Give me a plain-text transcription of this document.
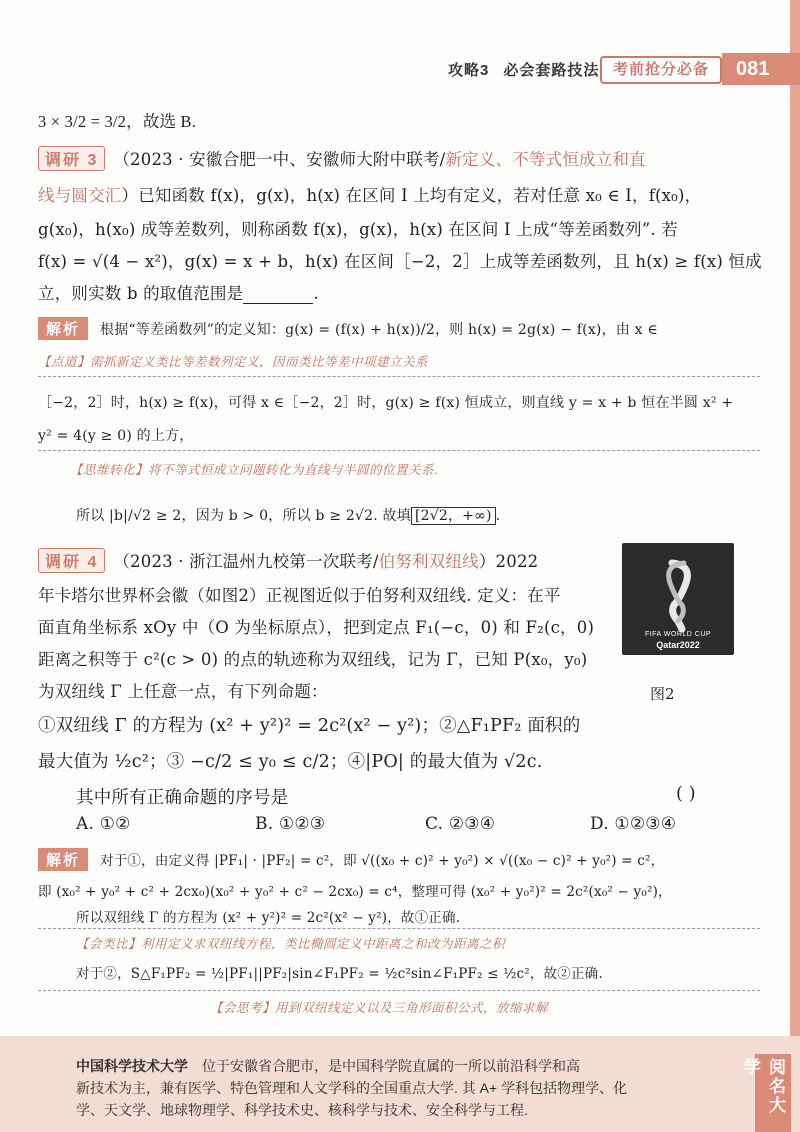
攻略3 必会套路技法 考前抢分必备	081
3 × 3/2 = 3/2，故选 B.
调研 3 （2023 · 安徽合肥一中、安徽师大附中联考/新定义、不等式恒成立和直
线与圆交汇）已知函数 f(x)，g(x)，h(x) 在区间 I 上均有定义，若对任意 x₀ ∈ I，f(x₀)，
g(x₀)，h(x₀) 成等差数列，则称函数 f(x)，g(x)，h(x) 在区间 I 上成“等差函数列”. 若
f(x) = √(4 − x²)，g(x) = x + b，h(x) 在区间［−2，2］上成等差函数列，且 h(x) ≥ f(x) 恒成
立，则实数 b 的取值范围是	.
解析 根据“等差函数列”的定义知：g(x) = (f(x) + h(x))/2，则 h(x) = 2g(x) − f(x)，由 x ∈
【点道】需抓新定义类比等差数列定义，因而类比等差中项建立关系
［−2，2］时，h(x) ≥ f(x)，可得 x ∈［−2，2］时，g(x) ≥ f(x) 恒成立，则直线 y = x + b 恒在半圆 x² +
y² = 4(y ≥ 0) 的上方，
【思维转化】将不等式恒成立问题转化为直线与半圆的位置关系.
所以 |b|/√2 ≥ 2，因为 b > 0，所以 b ≥ 2√2. 故填 [2√2，+∞) .
调研 4 （2023 · 浙江温州九校第一次联考/伯努利双纽线）2022
年卡塔尔世界杯会徽（如图2）正视图近似于伯努利双纽线. 定义：在平
面直角坐标系 xOy 中（O 为坐标原点），把到定点 F₁(−c，0) 和 F₂(c，0)
距离之积等于 c²(c > 0) 的点的轨迹称为双纽线，记为 Γ，已知 P(x₀，y₀)
为双纽线 Γ 上任意一点，有下列命题：
①双纽线 Γ 的方程为 (x² + y²)² = 2c²(x² − y²)；②△F₁PF₂ 面积的
最大值为 ½c²；③ −c/2 ≤ y₀ ≤ c/2；④|PO| 的最大值为 √2c.
其中所有正确命题的序号是	( )
A. ①②	B. ①②③	C. ②③④	D. ①②③④
FIFA WORLD CUP
Qatar2022
图2
解析 对于①，由定义得 |PF₁| · |PF₂| = c²，即 √((x₀ + c)² + y₀²) × √((x₀ − c)² + y₀²) = c²，
即 (x₀² + y₀² + c² + 2cx₀)(x₀² + y₀² + c² − 2cx₀) = c⁴，整理可得 (x₀² + y₀²)² = 2c²(x₀² − y₀²)，
所以双纽线 Γ 的方程为 (x² + y²)² = 2c²(x² − y²)，故①正确.
【会类比】利用定义求双纽线方程，类比椭圆定义中距离之和改为距离之积
对于②，S△F₁PF₂ = ½|PF₁||PF₂|sin∠F₁PF₂ = ½c²sin∠F₁PF₂ ≤ ½c²，故②正确.
【会思考】用到双纽线定义以及三角形面积公式，放缩求解
中国科学技术大学 位于安徽省合肥市，是中国科学院直属的一所以前沿科学和高
新技术为主，兼有医学、特色管理和人文学科的全国重点大学. 其 A+ 学科包括物理学、化
学、天文学、地球物理学、科学技术史、核科学与技术、安全科学与工程.	阅名大学
